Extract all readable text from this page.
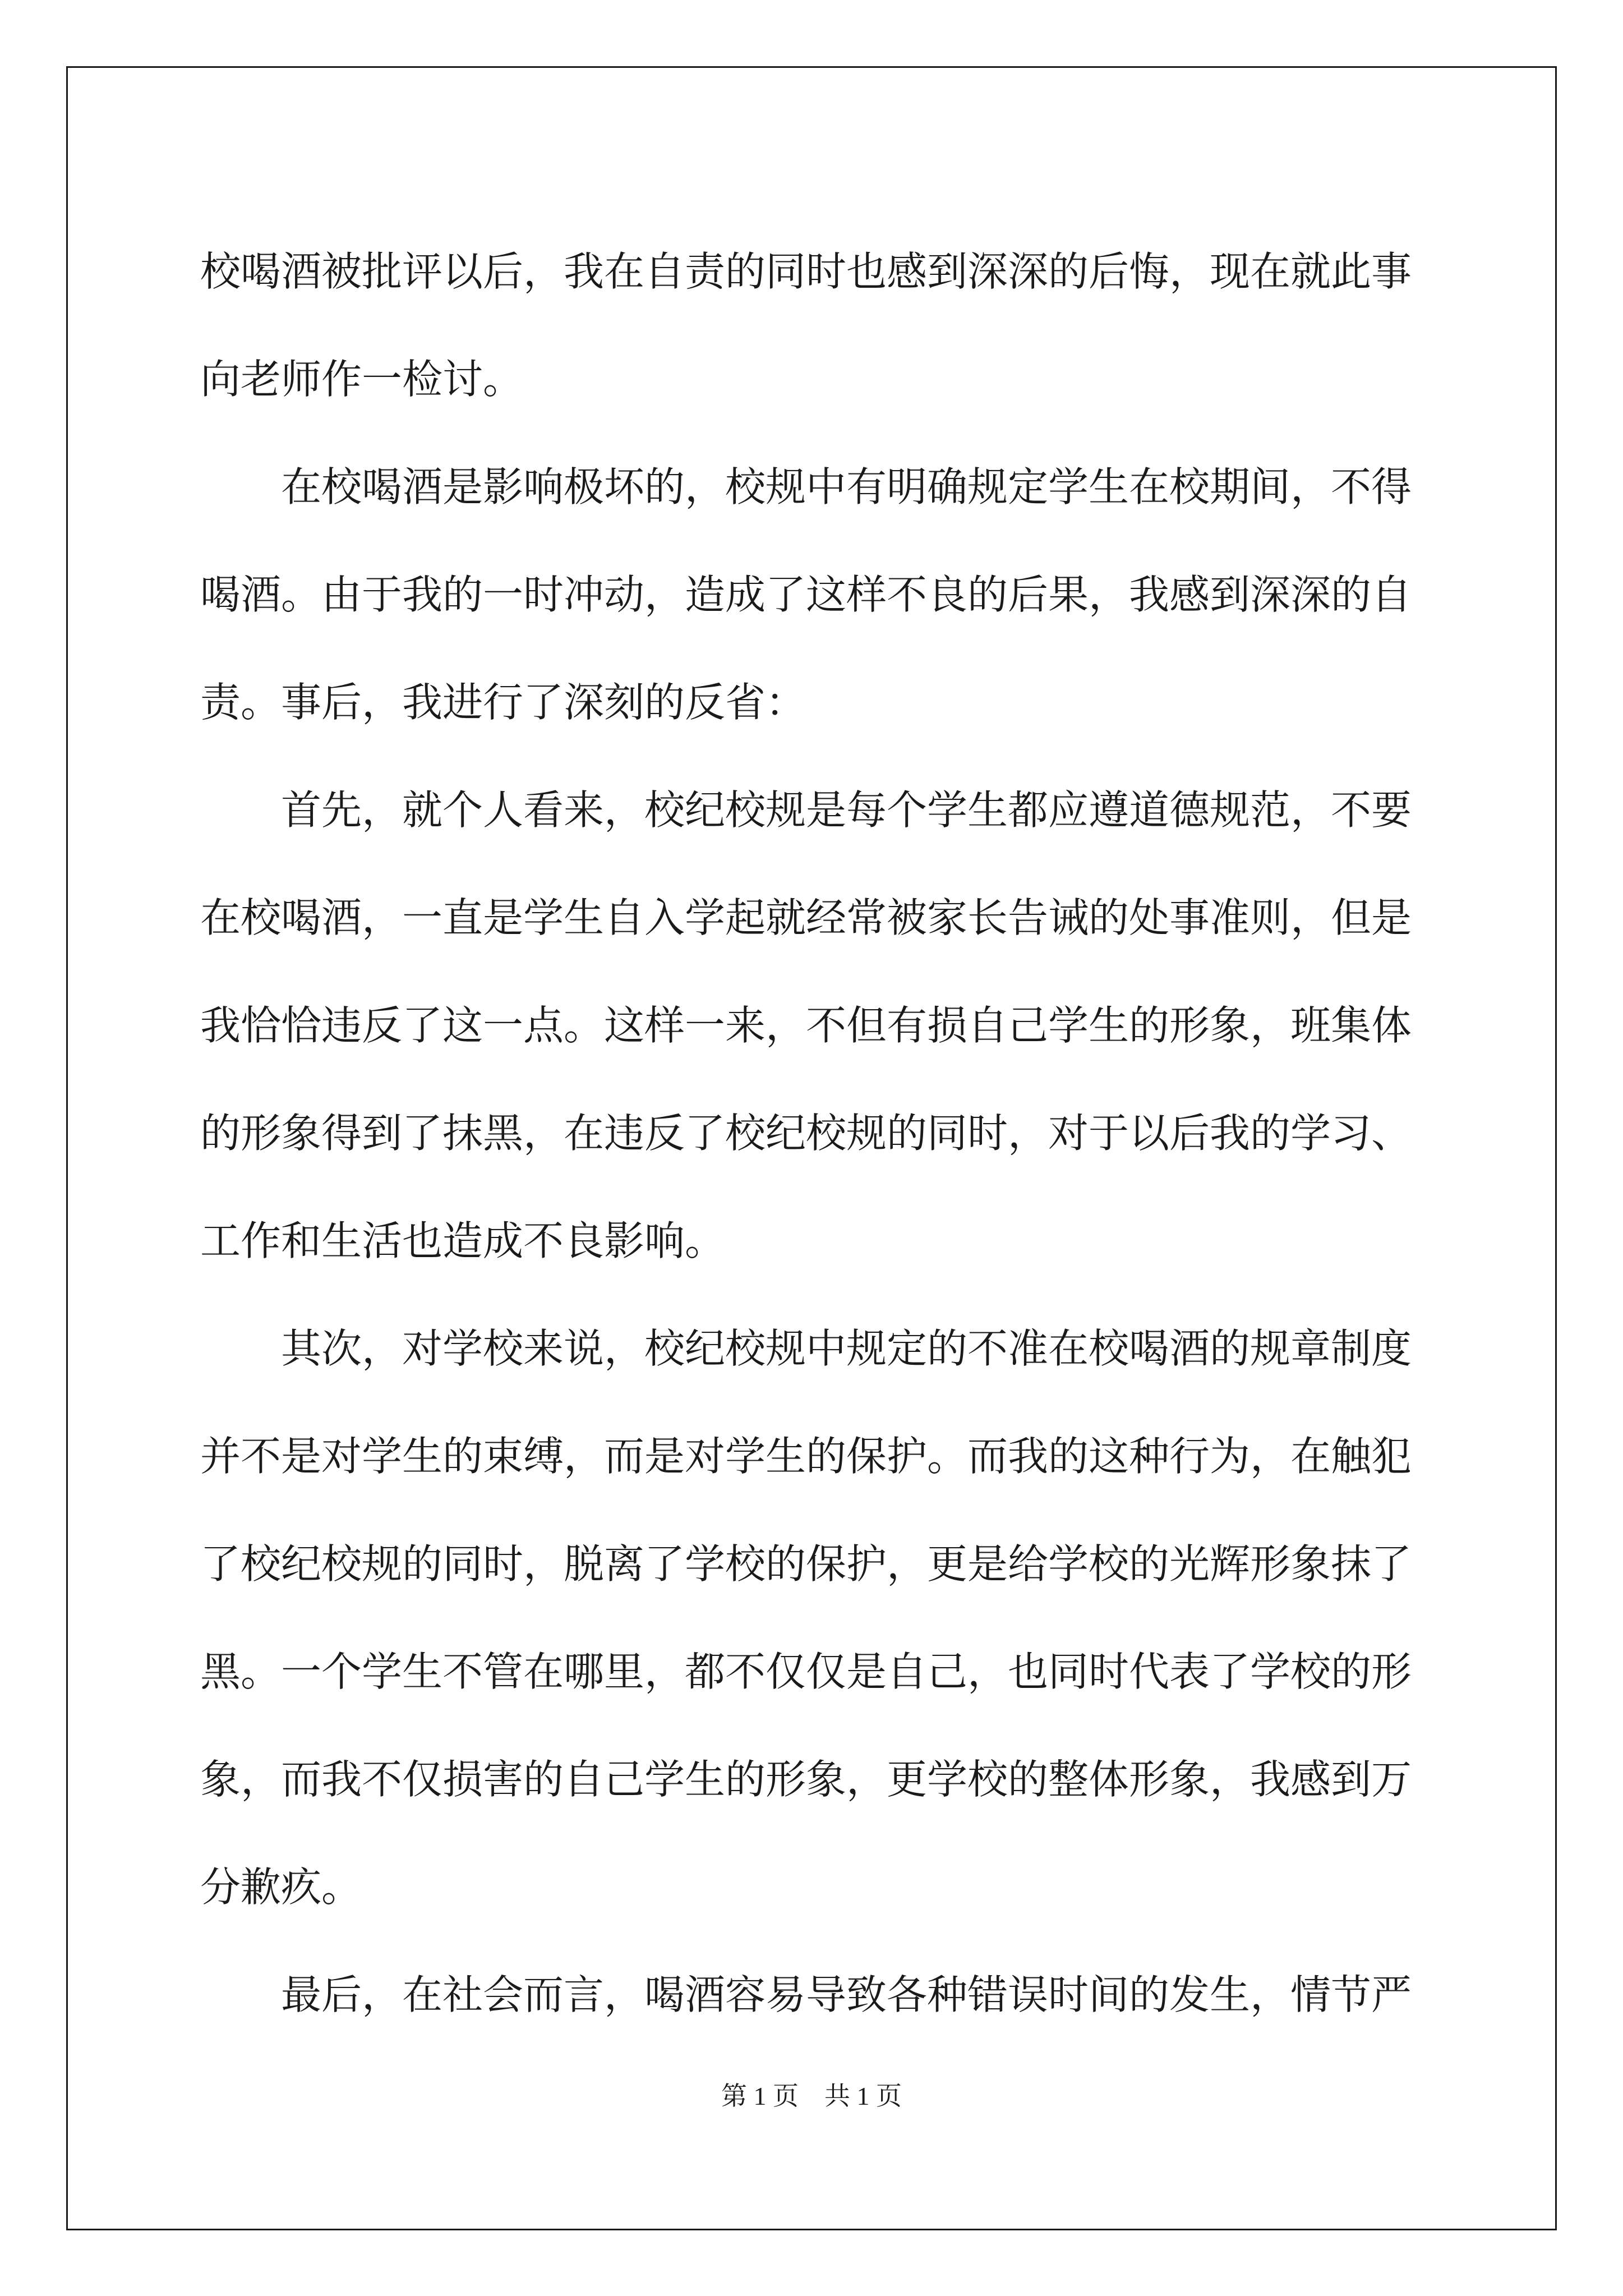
校喝酒被批评以后，我在自责的同时也感到深深的后悔，现在就此事
向老师作一检讨。
　　在校喝酒是影响极坏的，校规中有明确规定学生在校期间，不得
喝酒。由于我的一时冲动，造成了这样不良的后果，我感到深深的自
责。事后，我进行了深刻的反省：
　　首先，就个人看来，校纪校规是每个学生都应遵道德规范，不要
在校喝酒，一直是学生自入学起就经常被家长告诫的处事准则，但是
我恰恰违反了这一点。这样一来，不但有损自己学生的形象，班集体
的形象得到了抹黑，在违反了校纪校规的同时，对于以后我的学习、
工作和生活也造成不良影响。
　　其次，对学校来说，校纪校规中规定的不准在校喝酒的规章制度
并不是对学生的束缚，而是对学生的保护。而我的这种行为，在触犯
了校纪校规的同时，脱离了学校的保护，更是给学校的光辉形象抹了
黑。一个学生不管在哪里，都不仅仅是自己，也同时代表了学校的形
象，而我不仅损害的自己学生的形象，更学校的整体形象，我感到万
分歉疚。
　　最后，在社会而言，喝酒容易导致各种错误时间的发生，情节严
第 1 页　共 1 页
